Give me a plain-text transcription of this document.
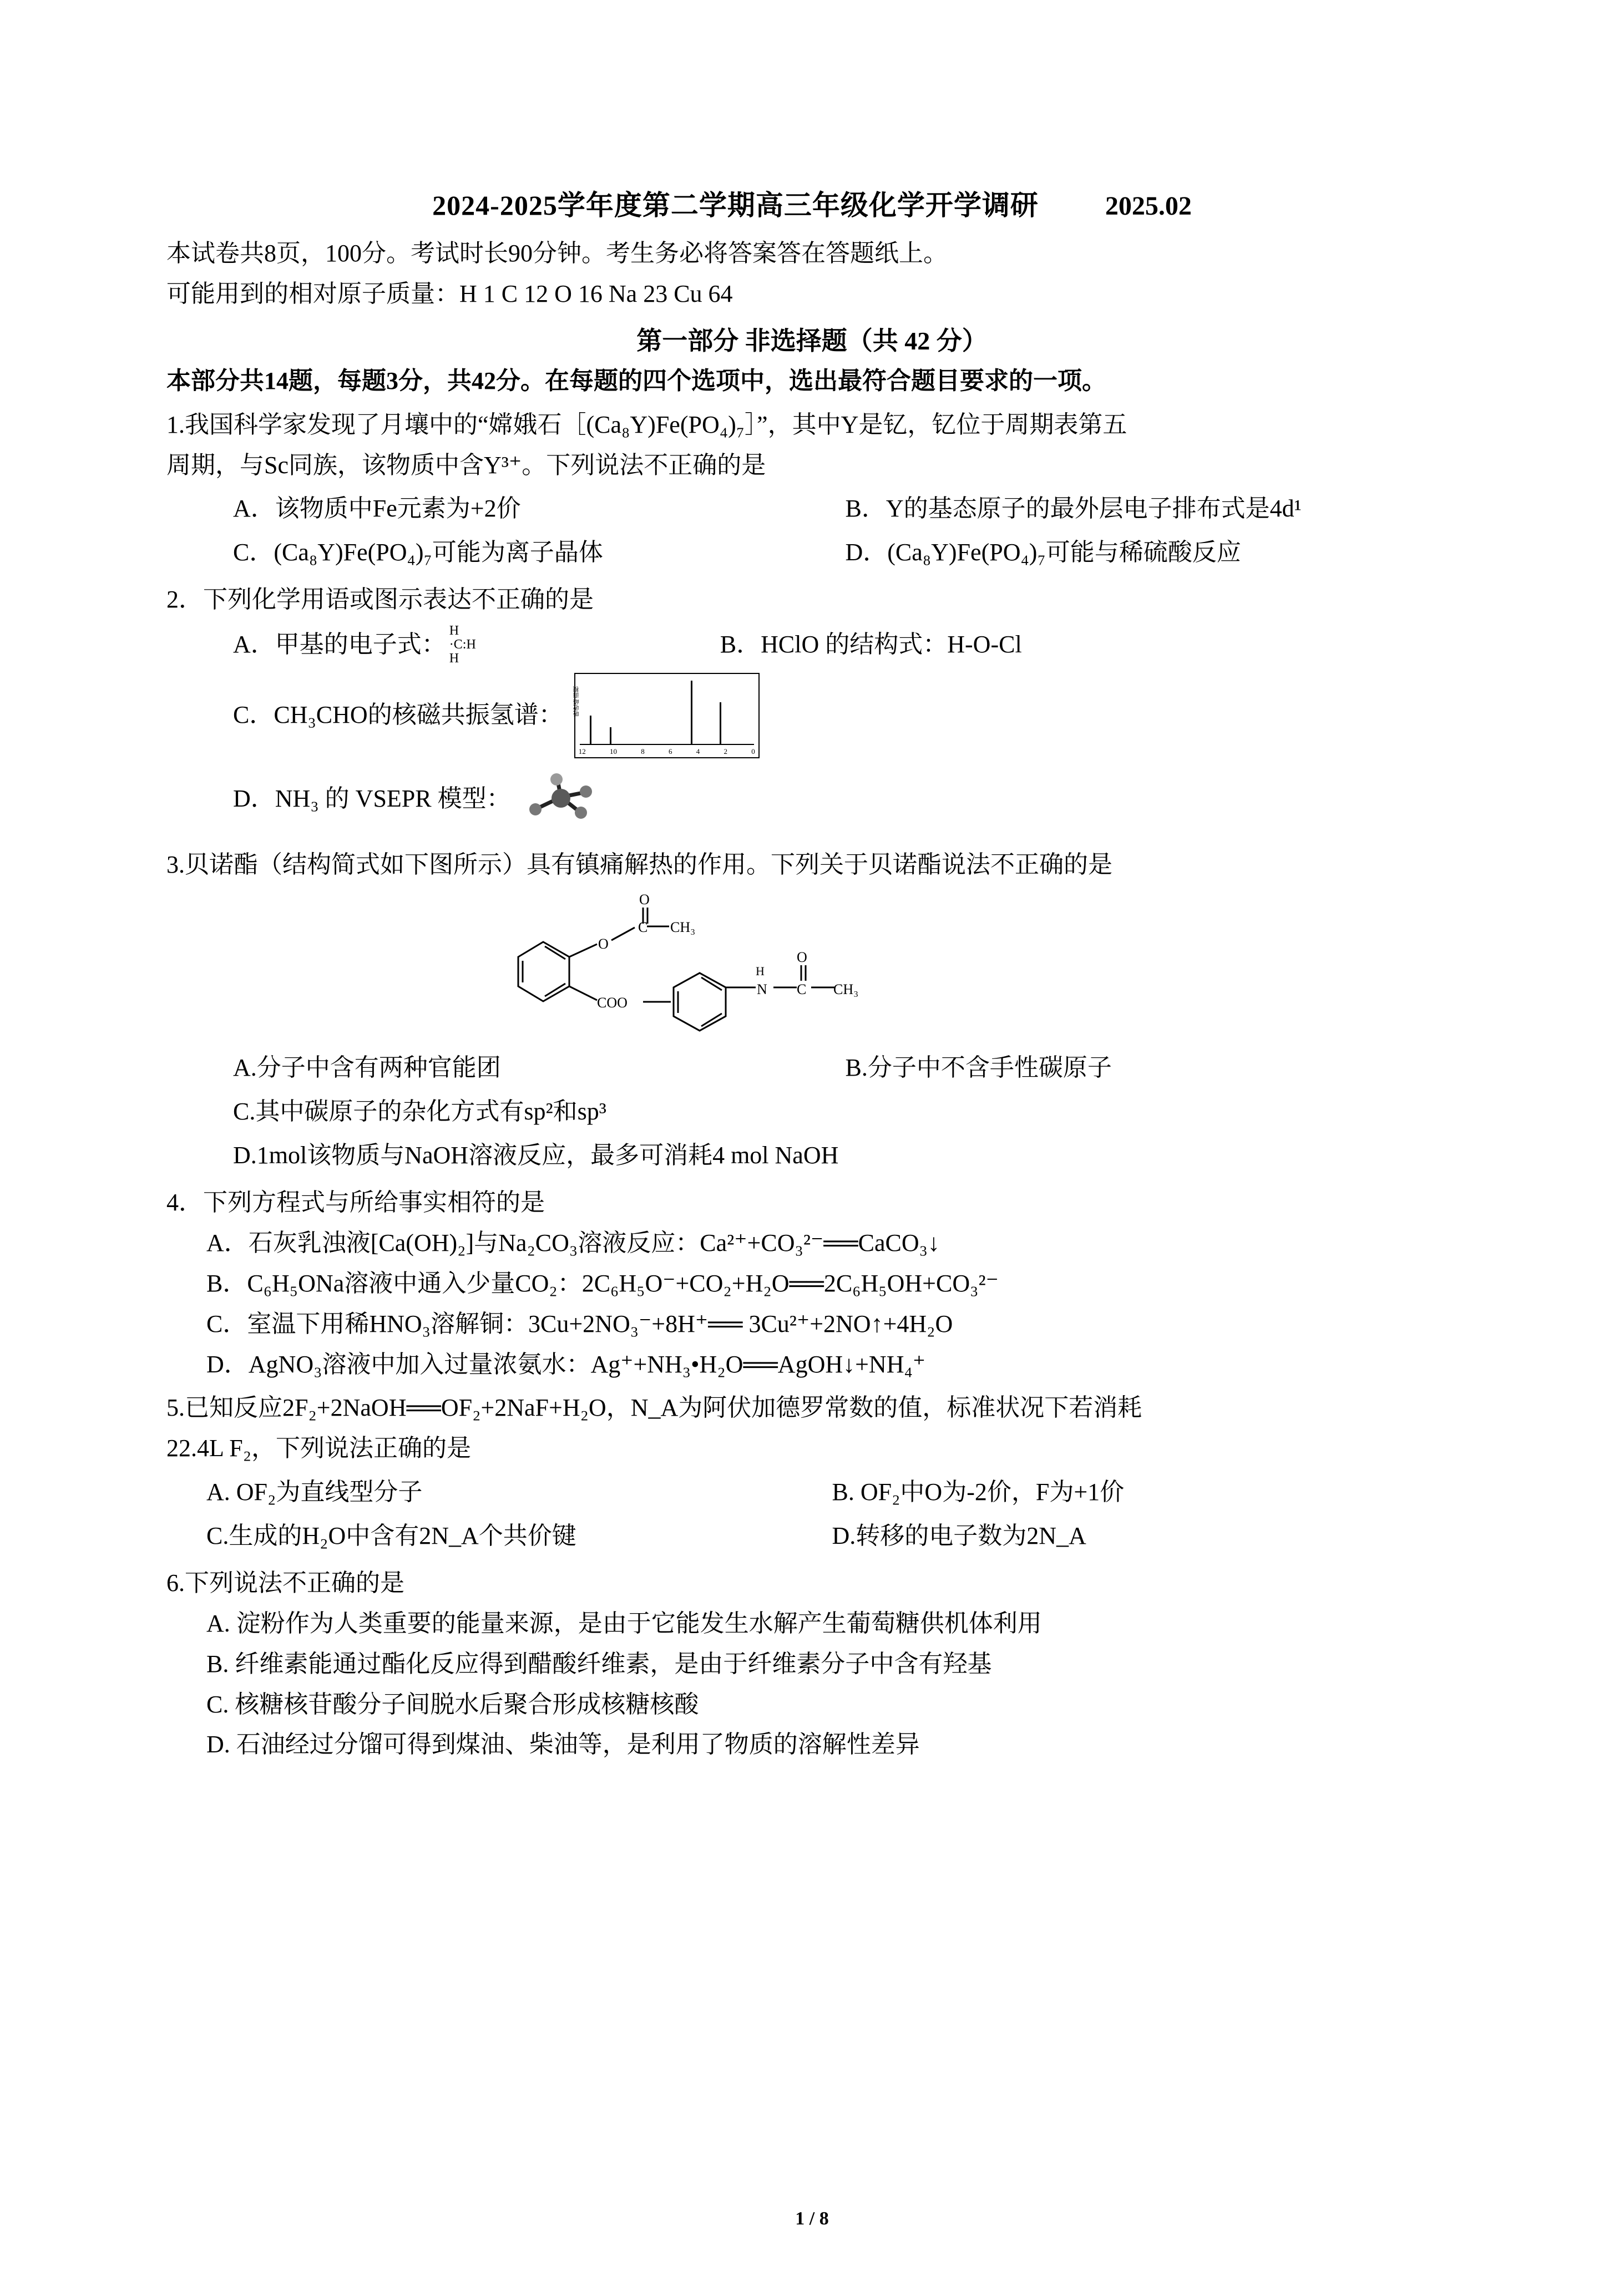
2024-2025学年度第二学期高三年级化学开学调研	2025.02
本试卷共8页，100分。考试时长90分钟。考生务必将答案答在答题纸上。
可能用到的相对原子质量：H 1 C 12 O 16 Na 23 Cu 64
第一部分 非选择题（共 42 分）
本部分共14题，每题3分，共42分。在每题的四个选项中，选出最符合题目要求的一项。
1.我国科学家发现了月壤中的“嫦娥石［(Ca₈Y)Fe(PO₄)₇］”，其中Y是钇，钇位于周期表第五
周期，与Sc同族，该物质中含Y³⁺。下列说法不正确的是
A．该物质中Fe元素为+2价	B．Y的基态原子的最外层电子排布式是4d¹
C．(Ca₈Y)Fe(PO₄)₇可能为离子晶体	D．(Ca₈Y)Fe(PO₄)₇可能与稀硫酸反应
2．下列化学用语或图示表达不正确的是
A．甲基的电子式：
H
·C:H
H
B．HClO 的结构式：H-O-Cl
C．CH₃CHO的核磁共振氢谱： 吸收峰面积
12	10	8	6	4	2	0
D．NH₃ 的 VSEPR 模型：
3.贝诺酯（结构简式如下图所示）具有镇痛解热的作用。下列关于贝诺酯说法不正确的是
O
O
C CH₃
COO
N
H
O
C CH₃
A.分子中含有两种官能团	B.分子中不含手性碳原子
C.其中碳原子的杂化方式有sp²和sp³
D.1mol该物质与NaOH溶液反应，最多可消耗4 mol NaOH
4．下列方程式与所给事实相符的是
A．石灰乳浊液[Ca(OH)₂]与Na₂CO₃溶液反应：Ca²⁺+CO₃²⁻══CaCO₃↓
B．C₆H₅ONa溶液中通入少量CO₂：2C₆H₅O⁻+CO₂+H₂O══2C₆H₅OH+CO₃²⁻
C．室温下用稀HNO₃溶解铜：3Cu+2NO₃⁻+8H⁺══ 3Cu²⁺+2NO↑+4H₂O
D．AgNO₃溶液中加入过量浓氨水：Ag⁺+NH₃•H₂O══AgOH↓+NH₄⁺
5.已知反应2F₂+2NaOH══OF₂+2NaF+H₂O，N_A为阿伏加德罗常数的值，标准状况下若消耗
22.4L F₂，下列说法正确的是
A. OF₂为直线型分子	B. OF₂中O为-2价，F为+1价
C.生成的H₂O中含有2N_A个共价键	D.转移的电子数为2N_A
6.下列说法不正确的是
A. 淀粉作为人类重要的能量来源，是由于它能发生水解产生葡萄糖供机体利用
B. 纤维素能通过酯化反应得到醋酸纤维素，是由于纤维素分子中含有羟基
C. 核糖核苷酸分子间脱水后聚合形成核糖核酸
D. 石油经过分馏可得到煤油、柴油等，是利用了物质的溶解性差异
1 / 8
